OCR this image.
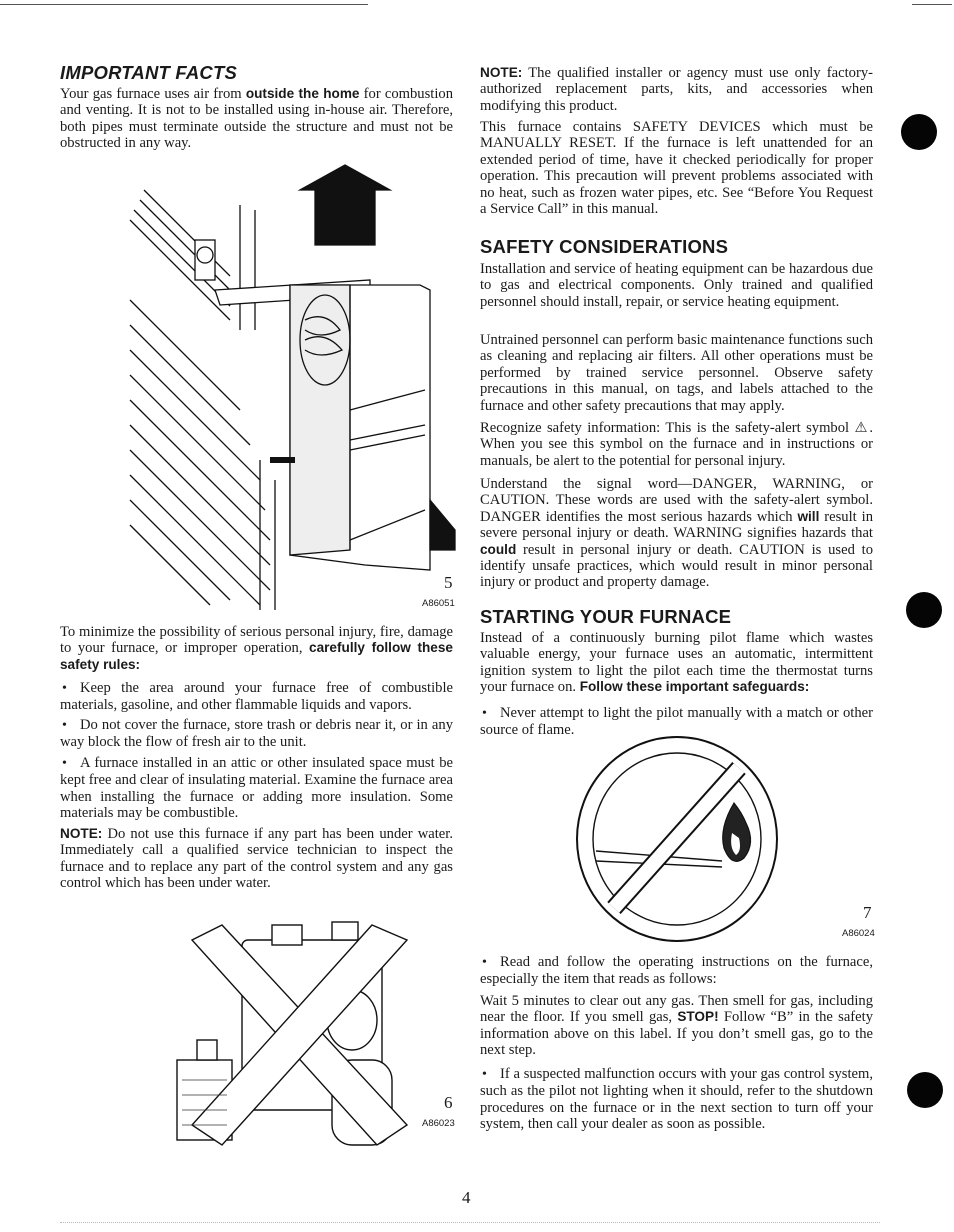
IMPORTANT FACTS

Your gas furnace uses air from outside the home for combustion and venting. It is not to be installed using in-house air. Therefore, both pipes must terminate outside the structure and must not be obstructed in any way.

5
A86051

To minimize the possibility of serious personal injury, fire, damage to your furnace, or improper operation, carefully follow these safety rules:

• Keep the area around your furnace free of combustible materials, gasoline, and other flammable liquids and vapors.

• Do not cover the furnace, store trash or debris near it, or in any way block the flow of fresh air to the unit.

• A furnace installed in an attic or other insulated space must be kept free and clear of insulating material. Examine the furnace area when installing the furnace or adding more insulation. Some materials may be combustible.

NOTE: Do not use this furnace if any part has been under water. Immediately call a qualified service technician to inspect the furnace and to replace any part of the control system and any gas control which has been under water.

6
A86023

NOTE: The qualified installer or agency must use only factory-authorized replacement parts, kits, and accessories when modifying this product.

This furnace contains SAFETY DEVICES which must be MANUALLY RESET. If the furnace is left unattended for an extended period of time, have it checked periodically for proper operation. This precaution will prevent problems associated with no heat, such as frozen water pipes, etc. See “Before You Request a Service Call” in this manual.

SAFETY CONSIDERATIONS

Installation and service of heating equipment can be hazardous due to gas and electrical components. Only trained and qualified personnel should install, repair, or service heating equipment.

Untrained personnel can perform basic maintenance functions such as cleaning and replacing air filters. All other operations must be performed by trained service personnel. Observe safety precautions in this manual, on tags, and labels attached to the furnace and other safety precautions that may apply.

Recognize safety information: This is the safety-alert symbol ⚠. When you see this symbol on the furnace and in instructions or manuals, be alert to the potential for personal injury.

Understand the signal word—DANGER, WARNING, or CAUTION. These words are used with the safety-alert symbol. DANGER identifies the most serious hazards which will result in severe personal injury or death. WARNING signifies hazards that could result in personal injury or death. CAUTION is used to identify unsafe practices, which would result in minor personal injury or product and property damage.

STARTING YOUR FURNACE

Instead of a continuously burning pilot flame which wastes valuable energy, your furnace uses an automatic, intermittent ignition system to light the pilot each time the thermostat turns your furnace on. Follow these important safeguards:

• Never attempt to light the pilot manually with a match or other source of flame.

7
A86024

• Read and follow the operating instructions on the furnace, especially the item that reads as follows:

Wait 5 minutes to clear out any gas. Then smell for gas, including near the floor. If you smell gas, STOP! Follow “B” in the safety information above on this label. If you don’t smell gas, go to the next step.

• If a suspected malfunction occurs with your gas control system, such as the pilot not lighting when it should, refer to the shutdown procedures on the furnace or in the next section to turn off your system, then call your dealer as soon as possible.

4
